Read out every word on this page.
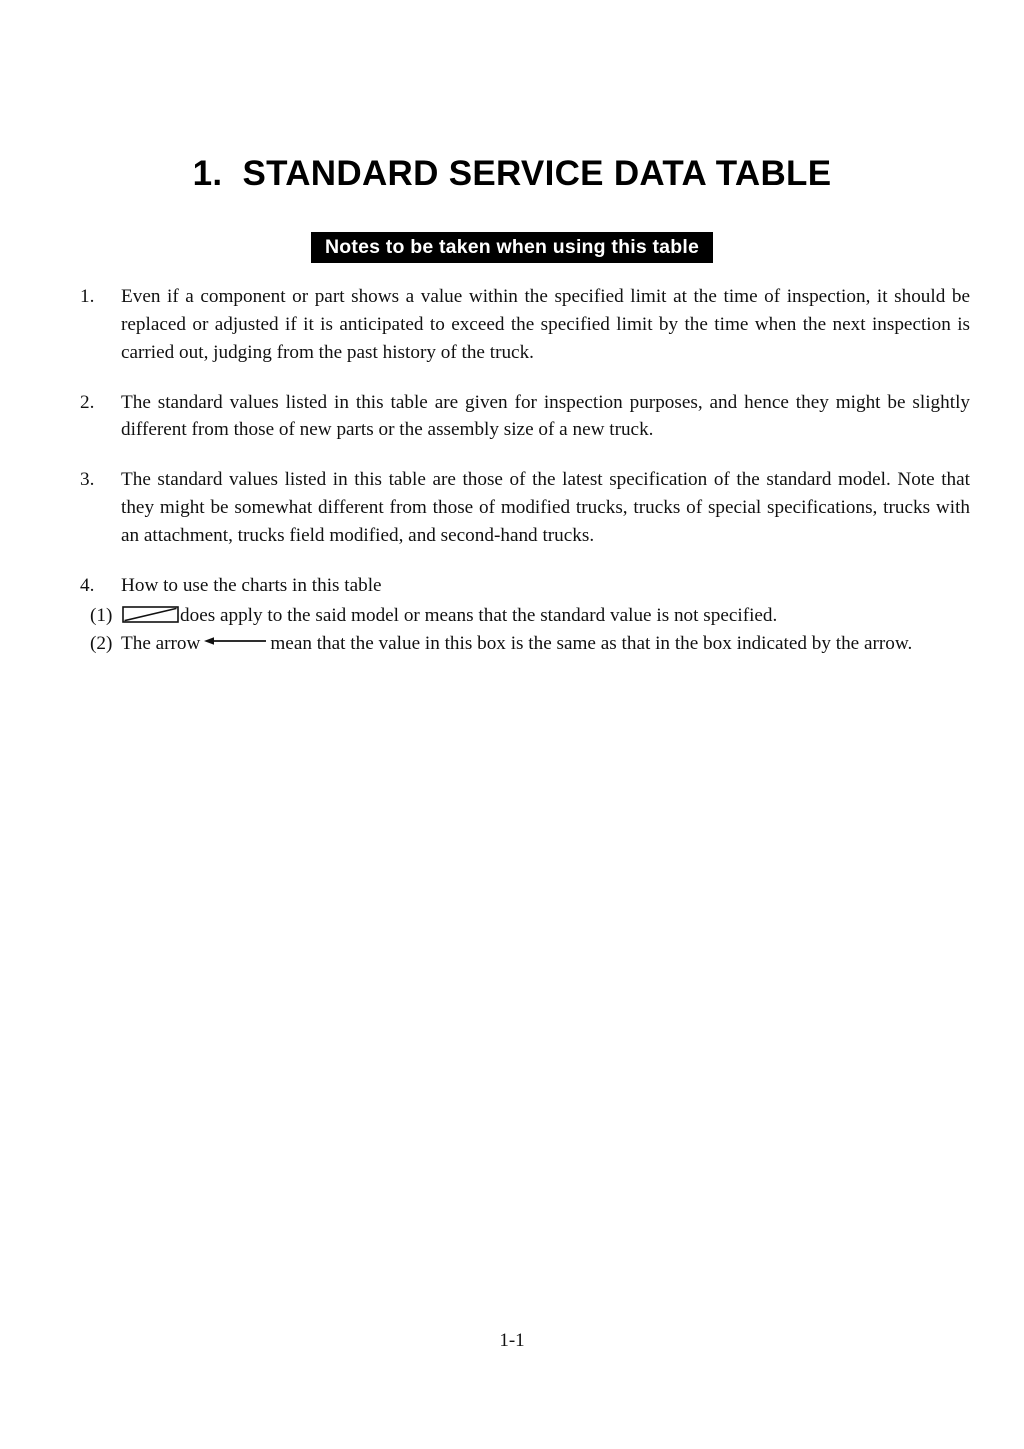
1.  STANDARD SERVICE DATA TABLE
Notes to be taken when using this table
1.	Even if a component or part shows a value within the specified limit at the time of inspection, it should be replaced or adjusted if it is anticipated to exceed the specified limit by the time when the next inspection is carried out, judging from the past history of the truck.
2.	The standard values listed in this table are given for inspection purposes, and hence they might be slightly different from those of new parts or the assembly size of a new truck.
3.	The standard values listed in this table are those of the latest specification of the standard model. Note that they might be somewhat different from those of modified trucks, trucks of special specifications, trucks with an attachment, trucks field modified, and second-hand trucks.
4.	How to use the charts in this table
(1)	does apply to the said model or means that the standard value is not specified.
(2) The arrow	mean that the value in this box is the same as that in the box indicated by the arrow.
1-1
